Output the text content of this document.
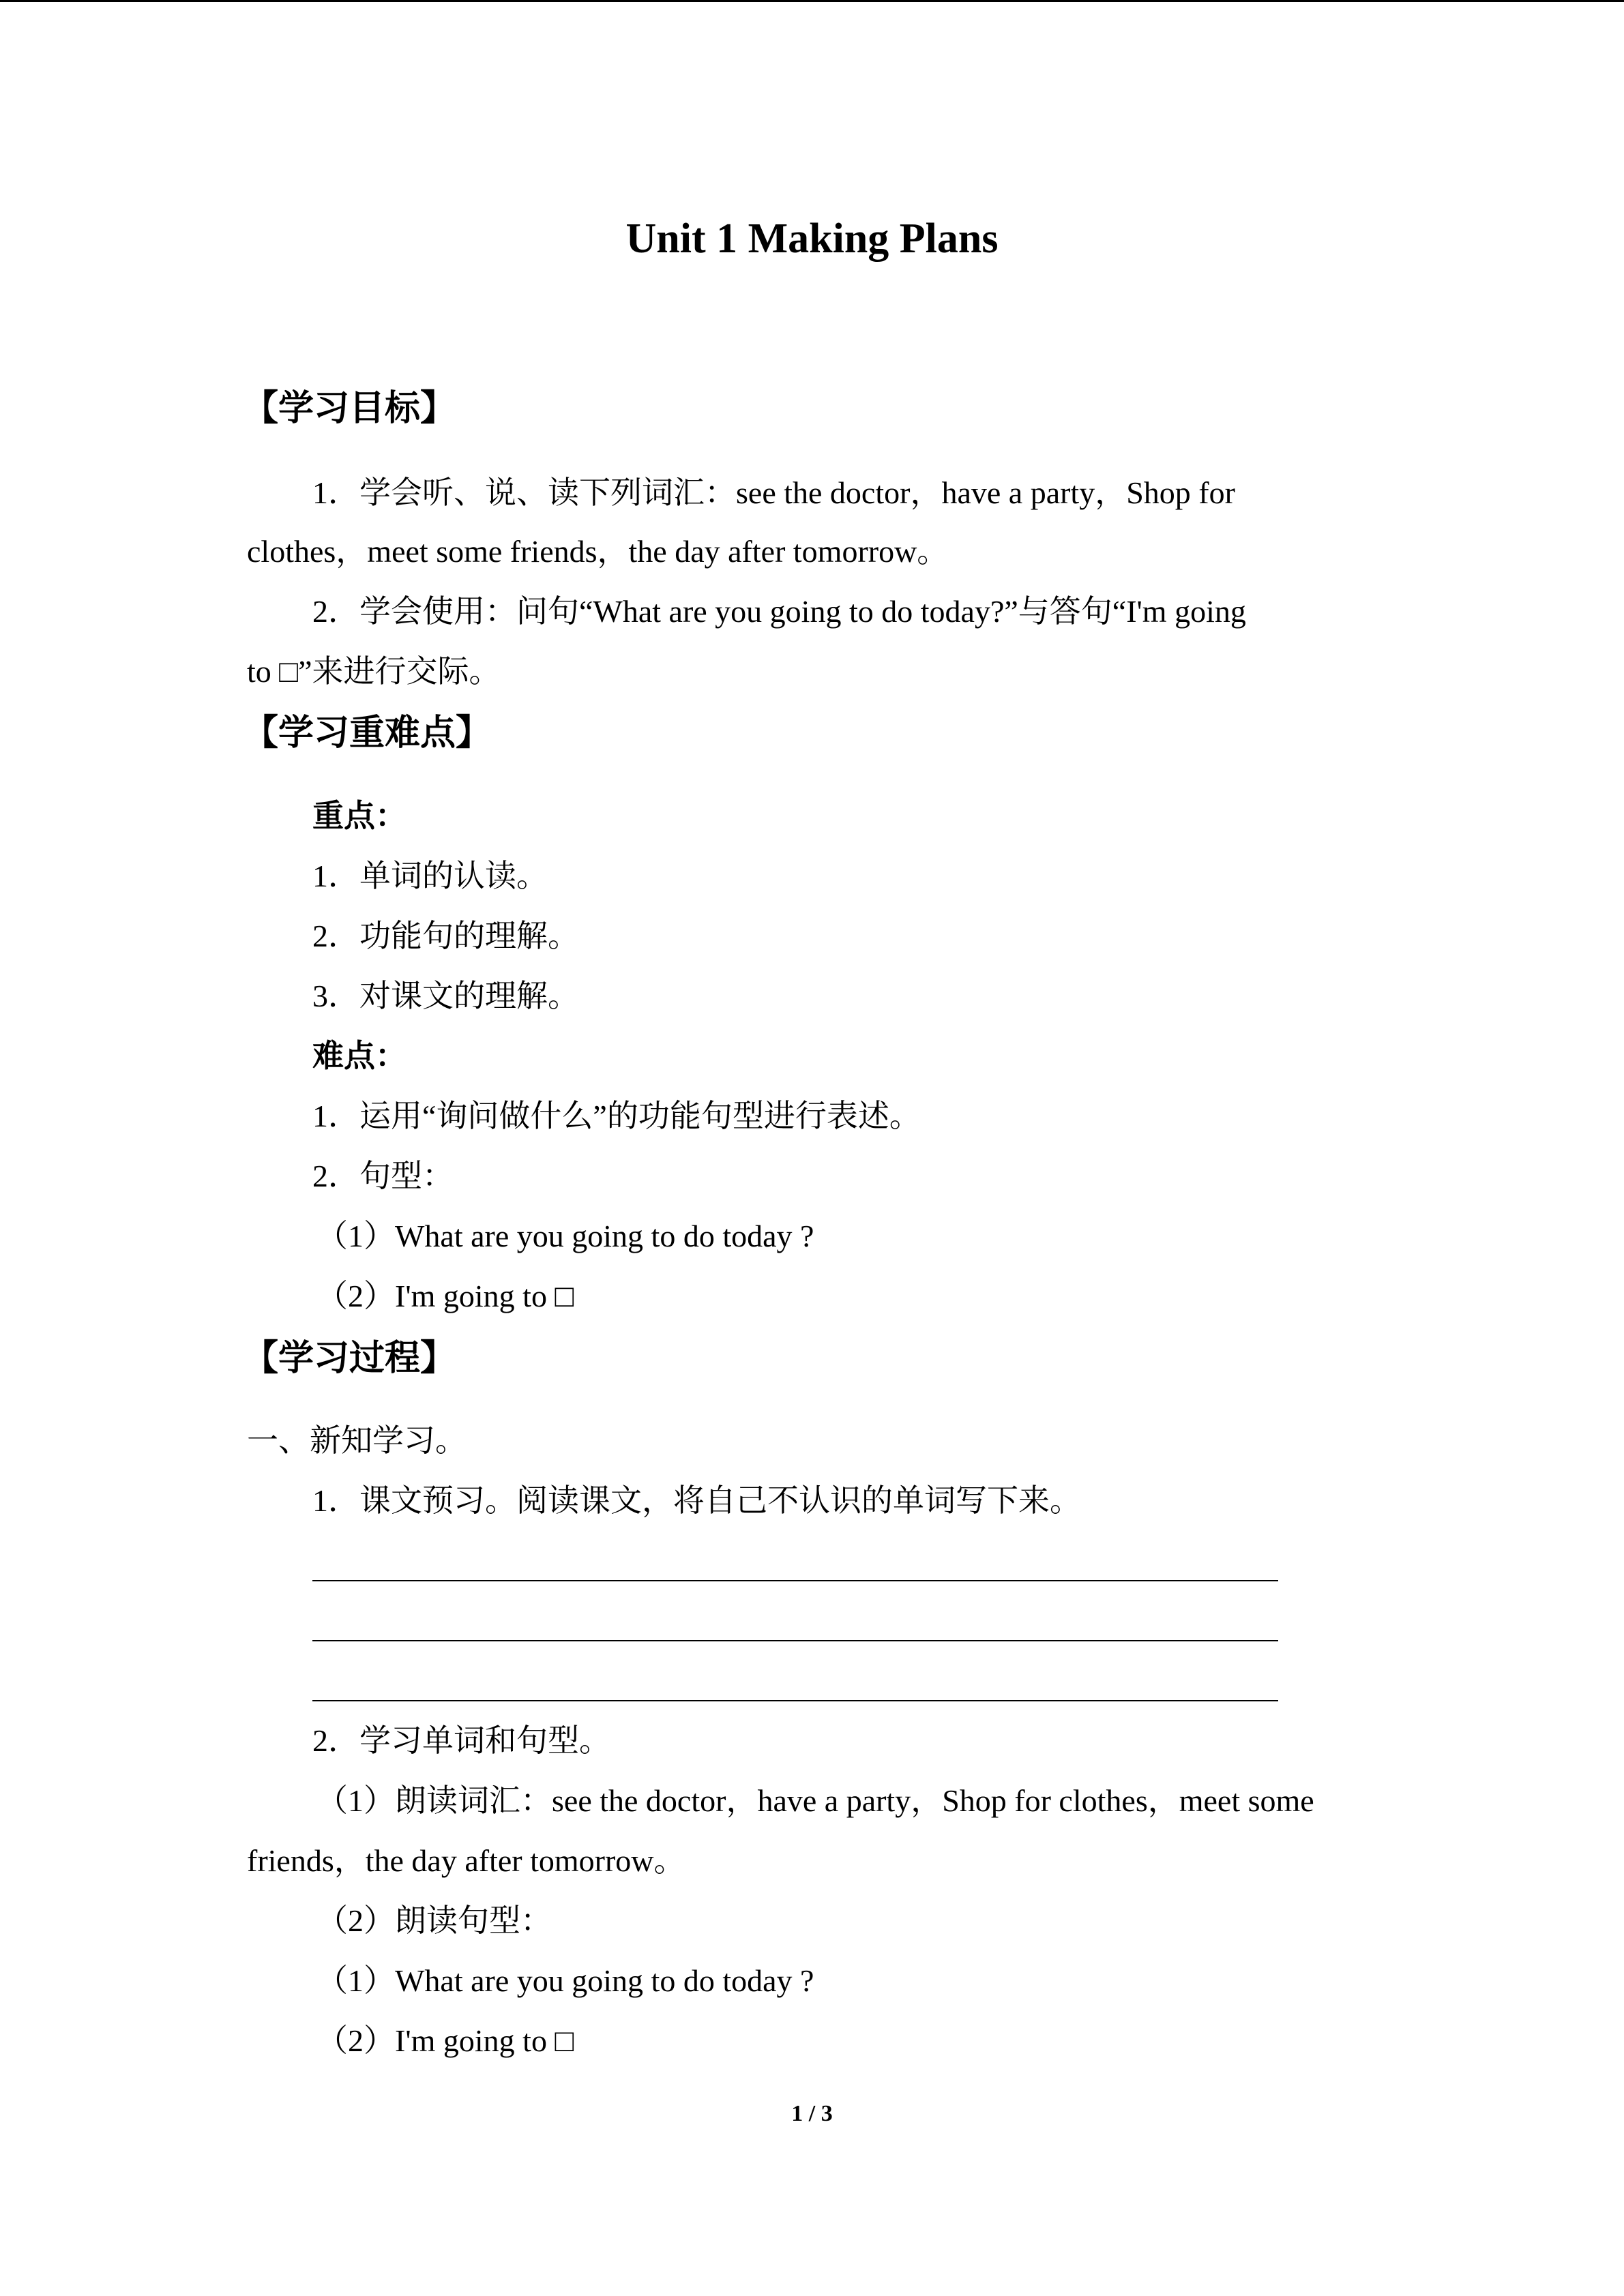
Unit 1 Making Plans
【学习目标】
1．学会听、说、读下列词汇：see the doctor，have a party，Shop for
clothes，meet some friends，the day after tomorrow。
2．学会使用：问句“What are you going to do today?”与答句“I'm going
to □”来进行交际。
【学习重难点】
重点：
1．单词的认读。
2．功能句的理解。
3．对课文的理解。
难点：
1．运用“询问做什么”的功能句型进行表述。
2．句型：
（1）What are you going to do today ?
（2）I'm going to □
【学习过程】
一、新知学习。
1．课文预习。阅读课文，将自己不认识的单词写下来。
2．学习单词和句型。
（1）朗读词汇：see the doctor，have a party，Shop for clothes，meet some
friends，the day after tomorrow。
（2）朗读句型：
（1）What are you going to do today ?
（2）I'm going to □
1 / 3
